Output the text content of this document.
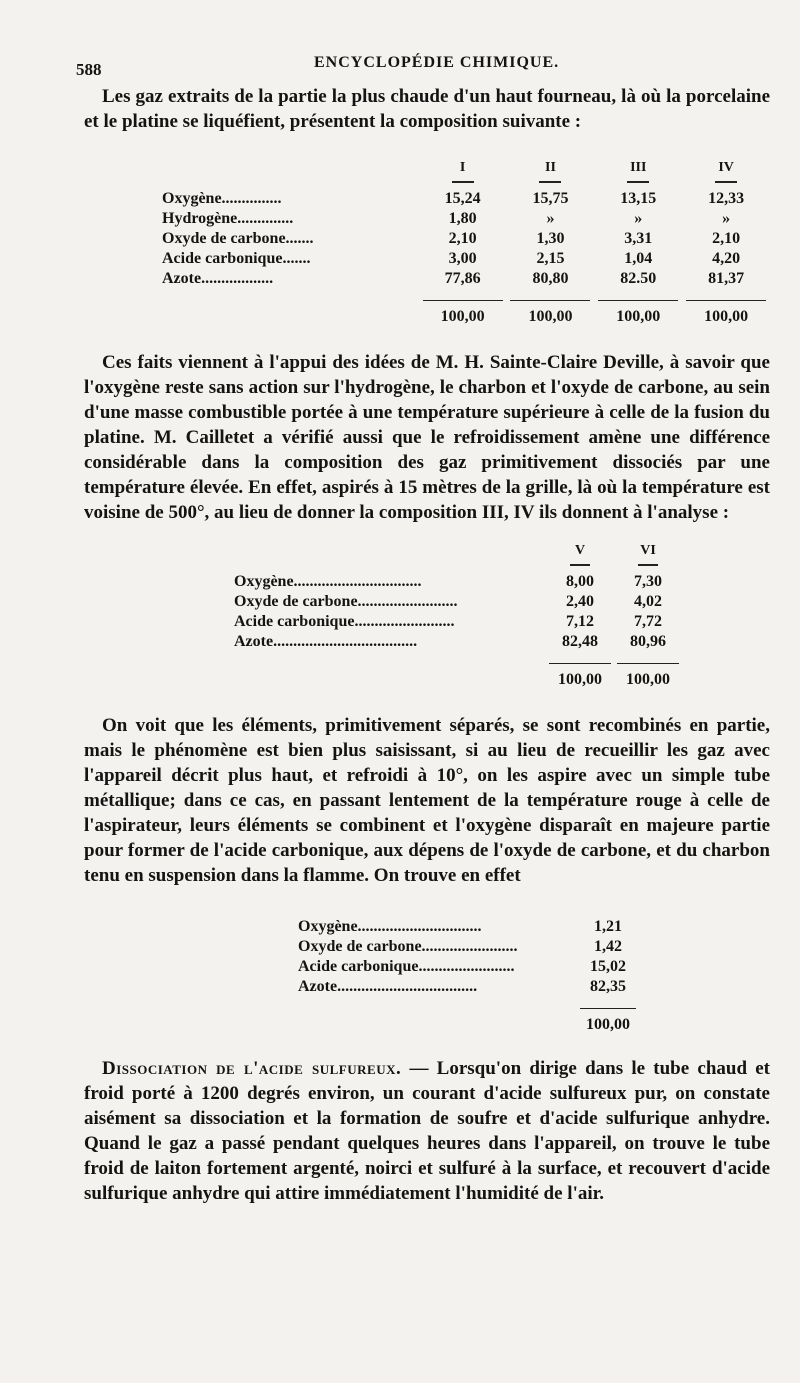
588	ENCYCLOPÉDIE CHIMIQUE.

Les gaz extraits de la partie la plus chaude d'un haut fourneau, là où la porcelaine et le platine se liquéfient, présentent la composition suivante :

I	II	III	IV
Oxygène...............	15,24	15,75	13,15	12,33
Hydrogène..............	1,80	»	»	»
Oxyde de carbone.......	2,10	1,30	3,31	2,10
Acide carbonique.......	3,00	2,15	1,04	4,20
Azote..................	77,86	80,80	82.50	81,37
100,00	100,00	100,00	100,00

Ces faits viennent à l'appui des idées de M. H. Sainte-Claire Deville, à savoir que l'oxygène reste sans action sur l'hydrogène, le charbon et l'oxyde de carbone, au sein d'une masse combustible portée à une température supérieure à celle de la fusion du platine. M. Cailletet a vérifié aussi que le refroidissement amène une différence considérable dans la composition des gaz primitivement dissociés par une température élevée. En effet, aspirés à 15 mètres de la grille, là où la température est voisine de 500°, au lieu de donner la composition III, IV ils donnent à l'analyse :

V	VI
Oxygène................................	8,00	7,30
Oxyde de carbone.........................	2,40	4,02
Acide carbonique.........................	7,12	7,72
Azote....................................	82,48	80,96
100,00	100,00

On voit que les éléments, primitivement séparés, se sont recombinés en partie, mais le phénomène est bien plus saisissant, si au lieu de recueillir les gaz avec l'appareil décrit plus haut, et refroidi à 10°, on les aspire avec un simple tube métallique; dans ce cas, en passant lentement de la température rouge à celle de l'aspirateur, leurs éléments se combinent et l'oxygène disparaît en majeure partie pour former de l'acide carbonique, aux dépens de l'oxyde de carbone, et du charbon tenu en suspension dans la flamme. On trouve en effet

Oxygène...............................	1,21
Oxyde de carbone........................	1,42
Acide carbonique........................	15,02
Azote...................................	82,35
100,00

Dissociation de l'acide sulfureux. — Lorsqu'on dirige dans le tube chaud et froid porté à 1200 degrés environ, un courant d'acide sulfureux pur, on constate aisément sa dissociation et la formation de soufre et d'acide sulfurique anhydre. Quand le gaz a passé pendant quelques heures dans l'appareil, on trouve le tube froid de laiton fortement argenté, noirci et sulfuré à la surface, et recouvert d'acide sulfurique anhydre qui attire immédiatement l'humidité de l'air.
